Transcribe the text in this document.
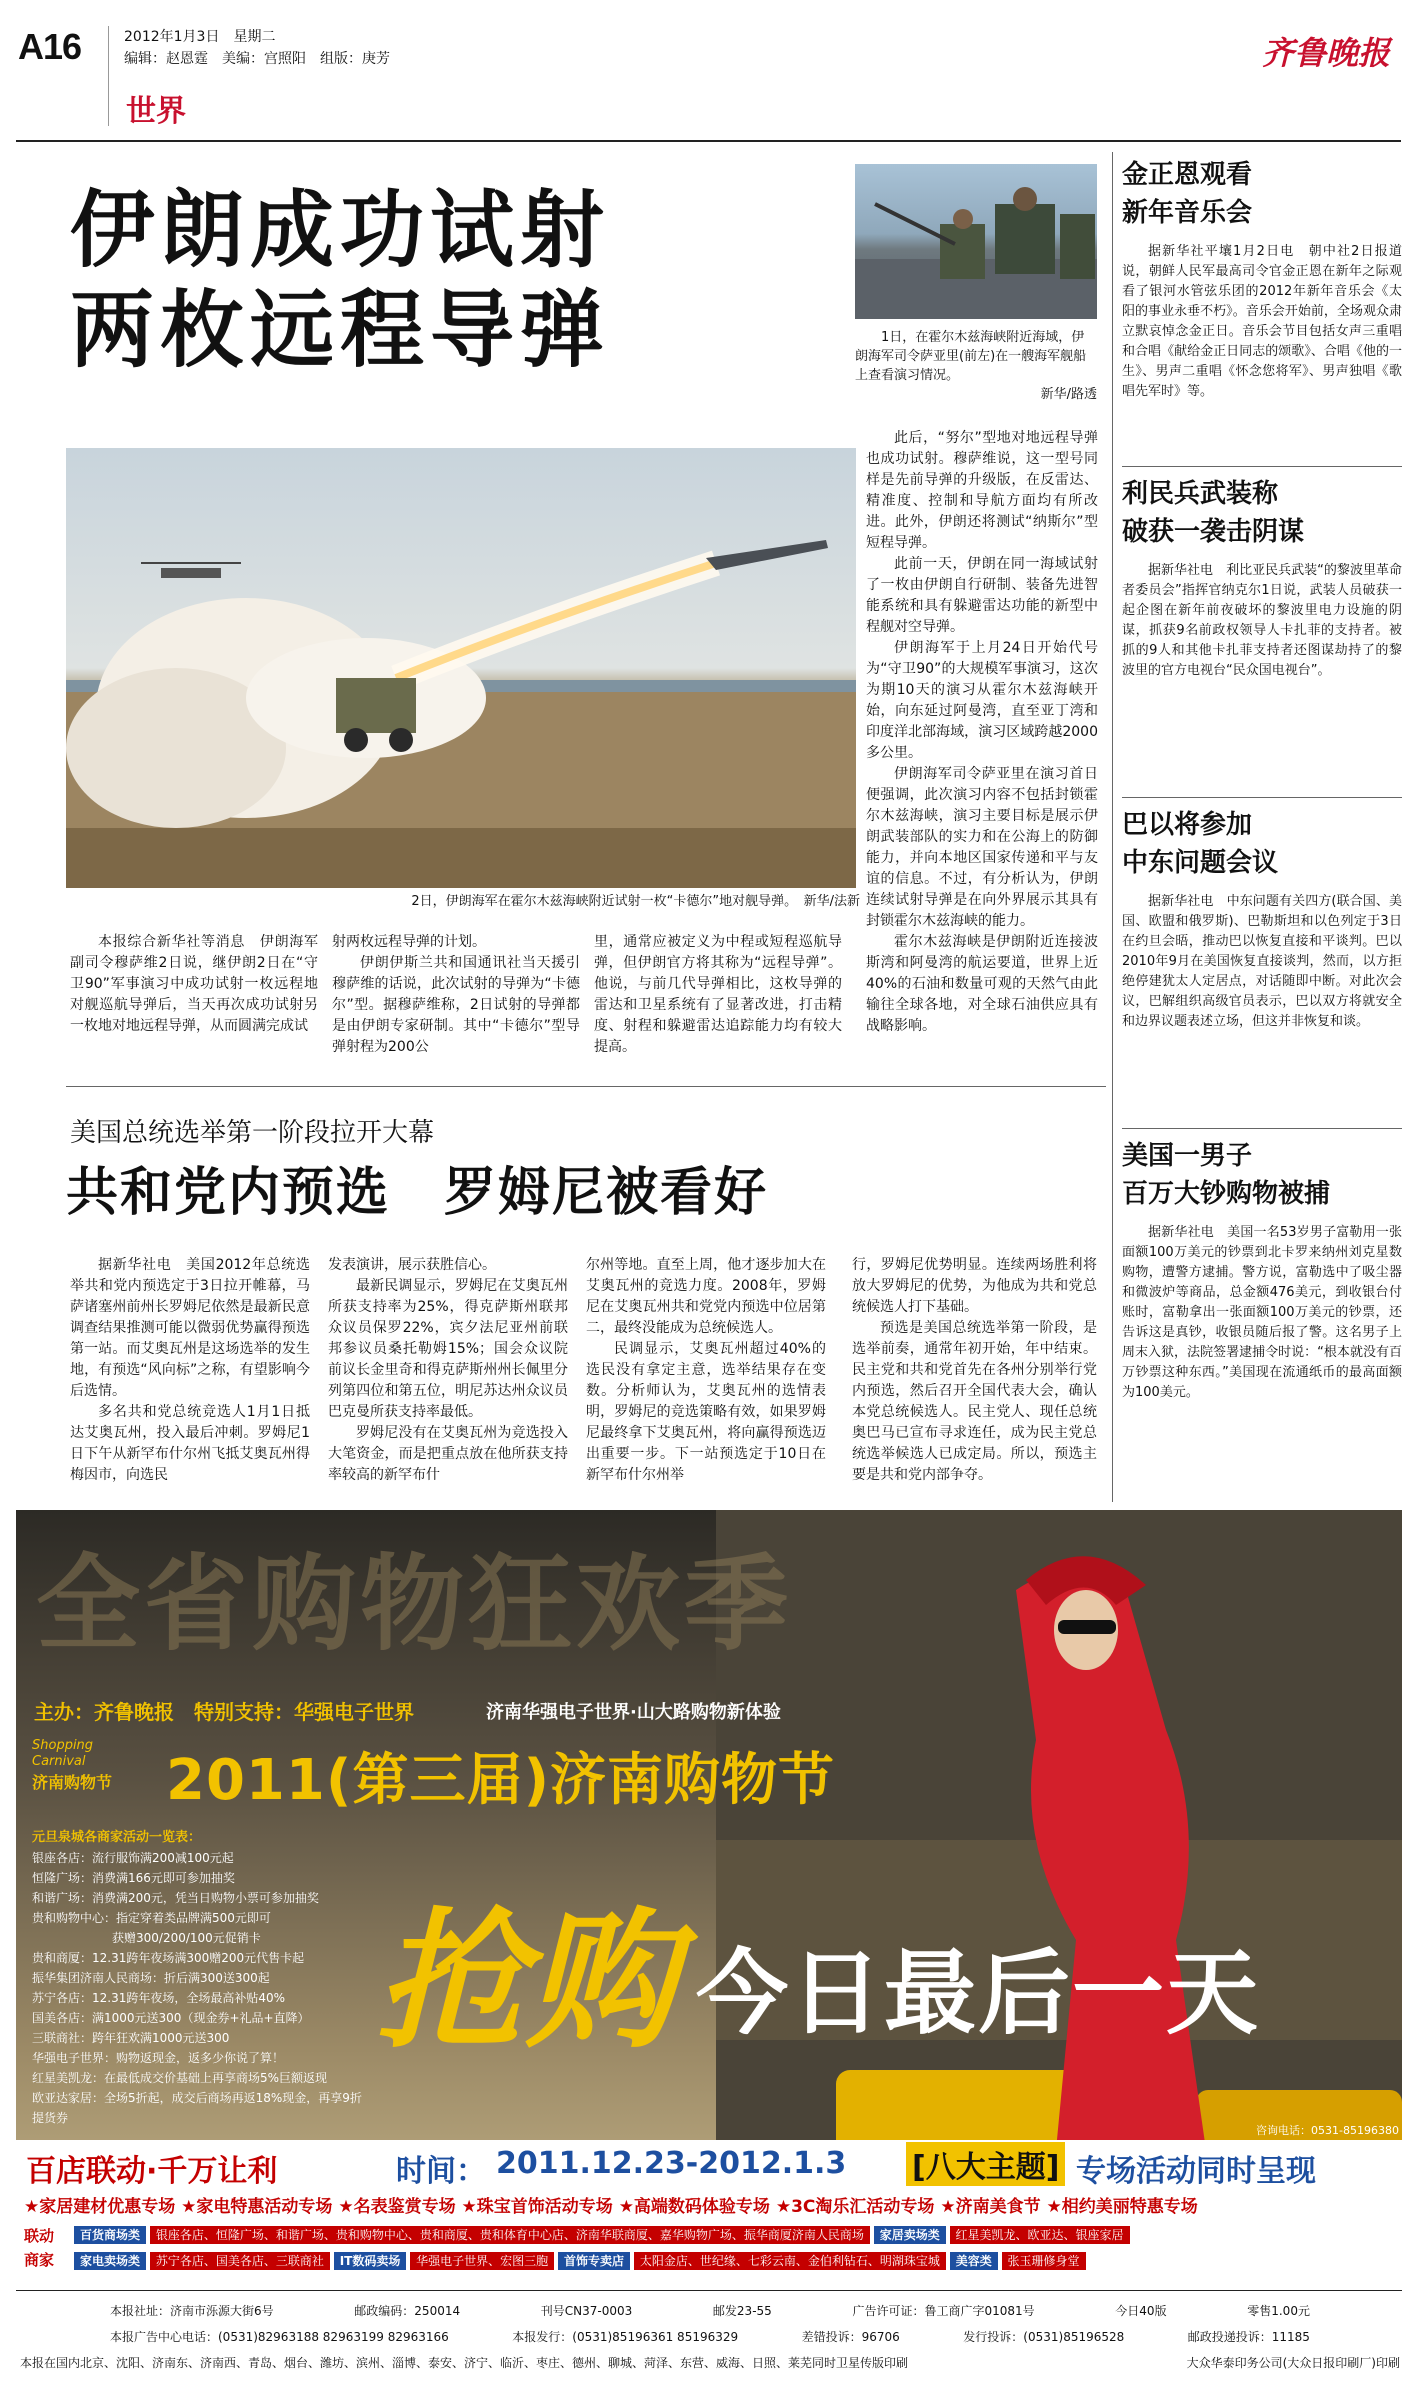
A16	2012年1月3日　星期二
编辑：赵恩霆　美编：宫照阳　组版：庚芳
世界
齐鲁晚报
伊朗成功试射
两枚远程导弹	1日，在霍尔木兹海峡附近海域，伊朗海军司令萨亚里(前左)在一艘海军舰船上查看演习情况。
新华/路透
2日，伊朗海军在霍尔木兹海峡附近试射一枚“卡德尔”地对舰导弹。　新华/法新

此后，“努尔”型地对地远程导弹也成功试射。穆萨维说，这一型号同样是先前导弹的升级版，在反雷达、精准度、控制和导航方面均有所改进。此外，伊朗还将测试“纳斯尔”型短程导弹。

此前一天，伊朗在同一海域试射了一枚由伊朗自行研制、装备先进智能系统和具有躲避雷达功能的新型中程舰对空导弹。

伊朗海军于上月24日开始代号为“守卫90”的大规模军事演习，这次为期10天的演习从霍尔木兹海峡开始，向东延过阿曼湾，直至亚丁湾和印度洋北部海域，演习区域跨越2000多公里。

伊朗海军司令萨亚里在演习首日便强调，此次演习内容不包括封锁霍尔木兹海峡，演习主要目标是展示伊朗武装部队的实力和在公海上的防御能力，并向本地区国家传递和平与友谊的信息。不过，有分析认为，伊朗连续试射导弹是在向外界展示其具有封锁霍尔木兹海峡的能力。

霍尔木兹海峡是伊朗附近连接波斯湾和阿曼湾的航运要道，世界上近40%的石油和数量可观的天然气由此输往全球各地，对全球石油供应具有战略影响。

本报综合新华社等消息　伊朗海军副司令穆萨维2日说，继伊朗2日在“守卫90”军事演习中成功试射一枚远程地对舰巡航导弹后，当天再次成功试射另一枚地对地远程导弹，从而圆满完成试

射两枚远程导弹的计划。

伊朗伊斯兰共和国通讯社当天援引穆萨维的话说，此次试射的导弹为“卡德尔”型。据穆萨维称，2日试射的导弹都是由伊朗专家研制。其中“卡德尔”型导弹射程为200公

里，通常应被定义为中程或短程巡航导弹，但伊朗官方将其称为“远程导弹”。他说，与前几代导弹相比，这枚导弹的雷达和卫星系统有了显著改进，打击精度、射程和躲避雷达追踪能力均有较大提高。
美国总统选举第一阶段拉开大幕
共和党内预选　罗姆尼被看好

据新华社电　美国2012年总统选举共和党内预选定于3日拉开帷幕，马萨诸塞州前州长罗姆尼依然是最新民意调查结果推测可能以微弱优势赢得预选第一站。而艾奥瓦州是这场选举的发生地，有预选“风向标”之称，有望影响今后选情。

多名共和党总统竞选人1月1日抵达艾奥瓦州，投入最后冲刺。罗姆尼1日下午从新罕布什尔州飞抵艾奥瓦州得梅因市，向选民

发表演讲，展示获胜信心。

最新民调显示，罗姆尼在艾奥瓦州所获支持率为25%，得克萨斯州联邦众议员保罗22%，宾夕法尼亚州前联邦参议员桑托勒姆15%；国会众议院前议长金里奇和得克萨斯州州长佩里分列第四位和第五位，明尼苏达州众议员巴克曼所获支持率最低。

罗姆尼没有在艾奥瓦州为竞选投入大笔资金，而是把重点放在他所获支持率较高的新罕布什

尔州等地。直至上周，他才逐步加大在艾奥瓦州的竞选力度。2008年，罗姆尼在艾奥瓦州共和党党内预选中位居第二，最终没能成为总统候选人。

民调显示，艾奥瓦州超过40%的选民没有拿定主意，选举结果存在变数。分析师认为，艾奥瓦州的选情表明，罗姆尼的竞选策略有效，如果罗姆尼最终拿下艾奥瓦州，将向赢得预选迈出重要一步。下一站预选定于10日在新罕布什尔州举

行，罗姆尼优势明显。连续两场胜利将放大罗姆尼的优势，为他成为共和党总统候选人打下基础。

预选是美国总统选举第一阶段，是选举前奏，通常年初开始，年中结束。民主党和共和党首先在各州分别举行党内预选，然后召开全国代表大会，确认本党总统候选人。民主党人、现任总统奥巴马已宣布寻求连任，成为民主党总统选举候选人已成定局。所以，预选主要是共和党内部争夺。

金正恩观看
新年音乐会
据新华社平壤1月2日电　朝中社2日报道说，朝鲜人民军最高司令官金正恩在新年之际观看了银河水管弦乐团的2012年新年音乐会《太阳的事业永垂不朽》。音乐会开始前，全场观众肃立默哀悼念金正日。音乐会节目包括女声三重唱和合唱《献给金正日同志的颂歌》、合唱《他的一生》、男声二重唱《怀念您将军》、男声独唱《歌唱先军时》等。
利民兵武装称
破获一袭击阴谋
据新华社电　利比亚民兵武装“的黎波里革命者委员会”指挥官纳克尔1日说，武装人员破获一起企图在新年前夜破坏的黎波里电力设施的阴谋，抓获9名前政权领导人卡扎菲的支持者。被抓的9人和其他卡扎菲支持者还图谋劫持了的黎波里的官方电视台“民众国电视台”。
巴以将参加
中东问题会议
据新华社电　中东问题有关四方(联合国、美国、欧盟和俄罗斯)、巴勒斯坦和以色列定于3日在约旦会晤，推动巴以恢复直接和平谈判。巴以2010年9月在美国恢复直接谈判，然而，以方拒绝停建犹太人定居点，对话随即中断。对此次会议，巴解组织高级官员表示，巴以双方将就安全和边界议题表述立场，但这并非恢复和谈。
美国一男子
百万大钞购物被捕
据新华社电　美国一名53岁男子富勒用一张面额100万美元的钞票到北卡罗来纳州刘克星数购物，遭警方逮捕。警方说，富勒选中了吸尘器和微波炉等商品，总金额476美元，到收银台付账时，富勒拿出一张面额100万美元的钞票，还告诉这是真钞，收银员随后报了警。这名男子上周末入狱，法院签署逮捕令时说：“根本就没有百万钞票这种东西。”美国现在流通纸币的最高面额为100美元。
全省购物狂欢季
主办：齐鲁晚报　特别支持：华强电子世界	济南华强电子世界·山大路购物新体验
Shopping Carnival
济南购物节 2011(第三届)济南购物节
元旦泉城各商家活动一览表：
银座各店：流行服饰满200减100元起
恒隆广场：消费满166元即可参加抽奖
和谐广场：消费满200元，凭当日购物小票可参加抽奖
贵和购物中心：指定穿着类品牌满500元即可
获赠300/200/100元促销卡
贵和商厦：12.31跨年夜场满300赠200元代售卡起
振华集团济南人民商场：折后满300送300起
苏宁各店：12.31跨年夜场，全场最高补贴40%
国美各店：满1000元送300（现金券+礼品+直降）
三联商社：跨年狂欢满1000元送300
华强电子世界：购物返现金，返多少你说了算！
红星美凯龙：在最低成交价基础上再享商场5%巨额返现
欧亚达家居：全场5折起，成交后商场再返18%现金，再享9折提货券
抢购 今日最后一天
咨询电话：0531-85196380
百店联动·千万让利	时间： 2011.12.23-2012.1.3 [八大主题] 专场活动同时呈现
★家居建材优惠专场 ★家电特惠活动专场 ★名表鉴赏专场 ★珠宝首饰活动专场 ★高端数码体验专场 ★3C淘乐汇活动专场 ★济南美食节 ★相约美丽特惠专场
联动商家
百货商场类 银座各店、恒隆广场、和谐广场、贵和购物中心、贵和商厦、贵和体育中心店、济南华联商厦、嘉华购物广场、振华商厦济南人民商场 家居卖场类 红星美凯龙、欧亚达、银座家居
家电卖场类 苏宁各店、国美各店、三联商社 IT数码卖场 华强电子世界、宏图三胞 首饰专卖店 太阳金店、世纪缘、七彩云南、金伯利钻石、明湖珠宝城 美容类 张玉珊修身堂
本报社址：济南市泺源大街6号	邮政编码：250014	刊号CN37-0003	邮发23-55	广告许可证：鲁工商广字01081号	今日40版	零售1.00元
本报广告中心电话：(0531)82963188 82963199 82963166	本报发行：(0531)85196361 85196329	差错投诉：96706	发行投诉：(0531)85196528	邮政投递投诉：11185
本报在国内北京、沈阳、济南东、济南西、青岛、烟台、潍坊、滨州、淄博、泰安、济宁、临沂、枣庄、德州、聊城、菏泽、东营、威海、日照、莱芜同时卫星传版印刷	大众华泰印务公司(大众日报印刷厂)印刷
